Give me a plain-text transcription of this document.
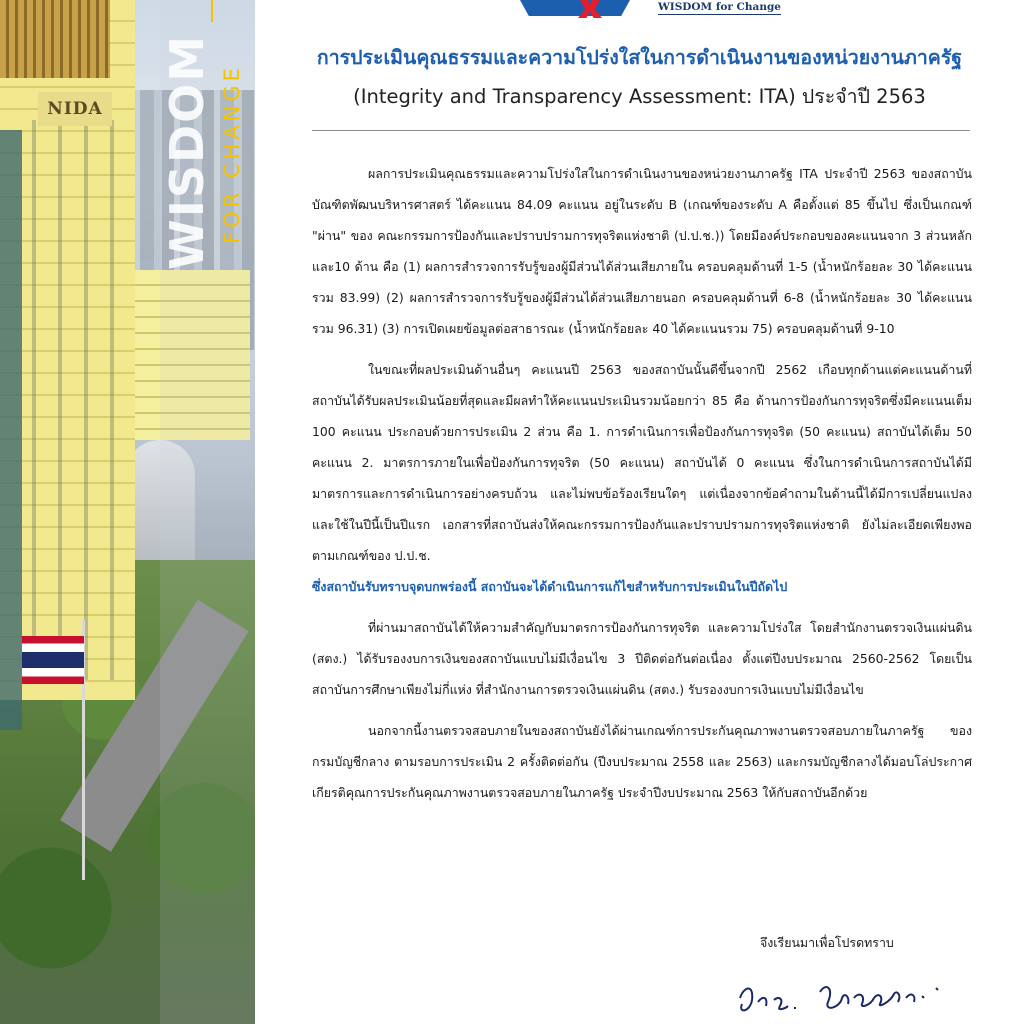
NIDA WISDOM FOR CHANGE
WISDOM for Change
การประเมินคุณธรรมและความโปร่งใสในการดำเนินงานของหน่วยงานภาครัฐ
(Integrity and Transparency Assessment: ITA) ประจำปี 2563

ผลการประเมินคุณธรรมและความโปร่งใสในการดำเนินงานของหน่วยงานภาครัฐ ITA ประจำปี 2563 ของสถาบันบัณฑิตพัฒนบริหารศาสตร์ ได้คะแนน 84.09 คะแนน อยู่ในระดับ B (เกณฑ์ของระดับ A คือตั้งแต่ 85 ขึ้นไป ซึ่งเป็นเกณฑ์ "ผ่าน" ของ คณะกรรมการป้องกันและปราบปรามการทุจริตแห่งชาติ (ป.ป.ช.)) โดยมีองค์ประกอบของคะแนนจาก 3 ส่วนหลักและ10 ด้าน คือ (1) ผลการสำรวจการรับรู้ของผู้มีส่วนได้ส่วนเสียภายใน ครอบคลุมด้านที่ 1-5 (น้ำหนักร้อยละ 30 ได้คะแนนรวม 83.99) (2) ผลการสำรวจการรับรู้ของผู้มีส่วนได้ส่วนเสียภายนอก ครอบคลุมด้านที่ 6-8 (น้ำหนักร้อยละ 30 ได้คะแนนรวม 96.31) (3) การเปิดเผยข้อมูลต่อสาธารณะ (น้ำหนักร้อยละ 40 ได้คะแนนรวม 75) ครอบคลุมด้านที่ 9-10

ในขณะที่ผลประเมินด้านอื่นๆ คะแนนปี 2563 ของสถาบันนั้นดีขึ้นจากปี 2562 เกือบทุกด้านแต่คะแนนด้านที่สถาบันได้รับผลประเมินน้อยที่สุดและมีผลทำให้คะแนนประเมินรวมน้อยกว่า 85 คือ ด้านการป้องกันการทุจริตซึ่งมีคะแนนเต็ม 100 คะแนน ประกอบด้วยการประเมิน 2 ส่วน คือ 1. การดำเนินการเพื่อป้องกันการทุจริต (50 คะแนน) สถาบันได้เต็ม 50 คะแนน 2. มาตรการภายในเพื่อป้องกันการทุจริต (50 คะแนน) สถาบันได้ 0 คะแนน ซึ่งในการดำเนินการสถาบันได้มีมาตรการและการดำเนินการอย่างครบถ้วน และไม่พบข้อร้องเรียนใดๆ แต่เนื่องจากข้อคำถามในด้านนี้ได้มีการเปลี่ยนแปลงและใช้ในปีนี้เป็นปีแรก เอกสารที่สถาบันส่งให้คณะกรรมการป้องกันและปราบปรามการทุจริตแห่งชาติ ยังไม่ละเอียดเพียงพอตามเกณฑ์ของ ป.ป.ช.
ซึ่งสถาบันรับทราบจุดบกพร่องนี้ สถาบันจะได้ดำเนินการแก้ไขสำหรับการประเมินในปีถัดไป

ที่ผ่านมาสถาบันได้ให้ความสำคัญกับมาตรการป้องกันการทุจริต และความโปร่งใส โดยสำนักงานตรวจเงินแผ่นดิน (สตง.) ได้รับรองงบการเงินของสถาบันแบบไม่มีเงื่อนไข 3 ปีติดต่อกันต่อเนื่อง ตั้งแต่ปีงบประมาณ 2560-2562 โดยเป็นสถาบันการศึกษาเพียงไม่กี่แห่ง ที่สำนักงานการตรวจเงินแผ่นดิน (สตง.) รับรองงบการเงินแบบไม่มีเงื่อนไข

นอกจากนี้งานตรวจสอบภายในของสถาบันยังได้ผ่านเกณฑ์การประกันคุณภาพงานตรวจสอบภายในภาครัฐ ของกรมบัญชีกลาง ตามรอบการประเมิน 2 ครั้งติดต่อกัน (ปีงบประมาณ 2558 และ 2563) และกรมบัญชีกลางได้มอบโล่ประกาศเกียรติคุณการประกันคุณภาพงานตรวจสอบภายในภาครัฐ ประจำปีงบประมาณ 2563 ให้กับสถาบันอีกด้วย

จึงเรียนมาเพื่อโปรดทราบ
